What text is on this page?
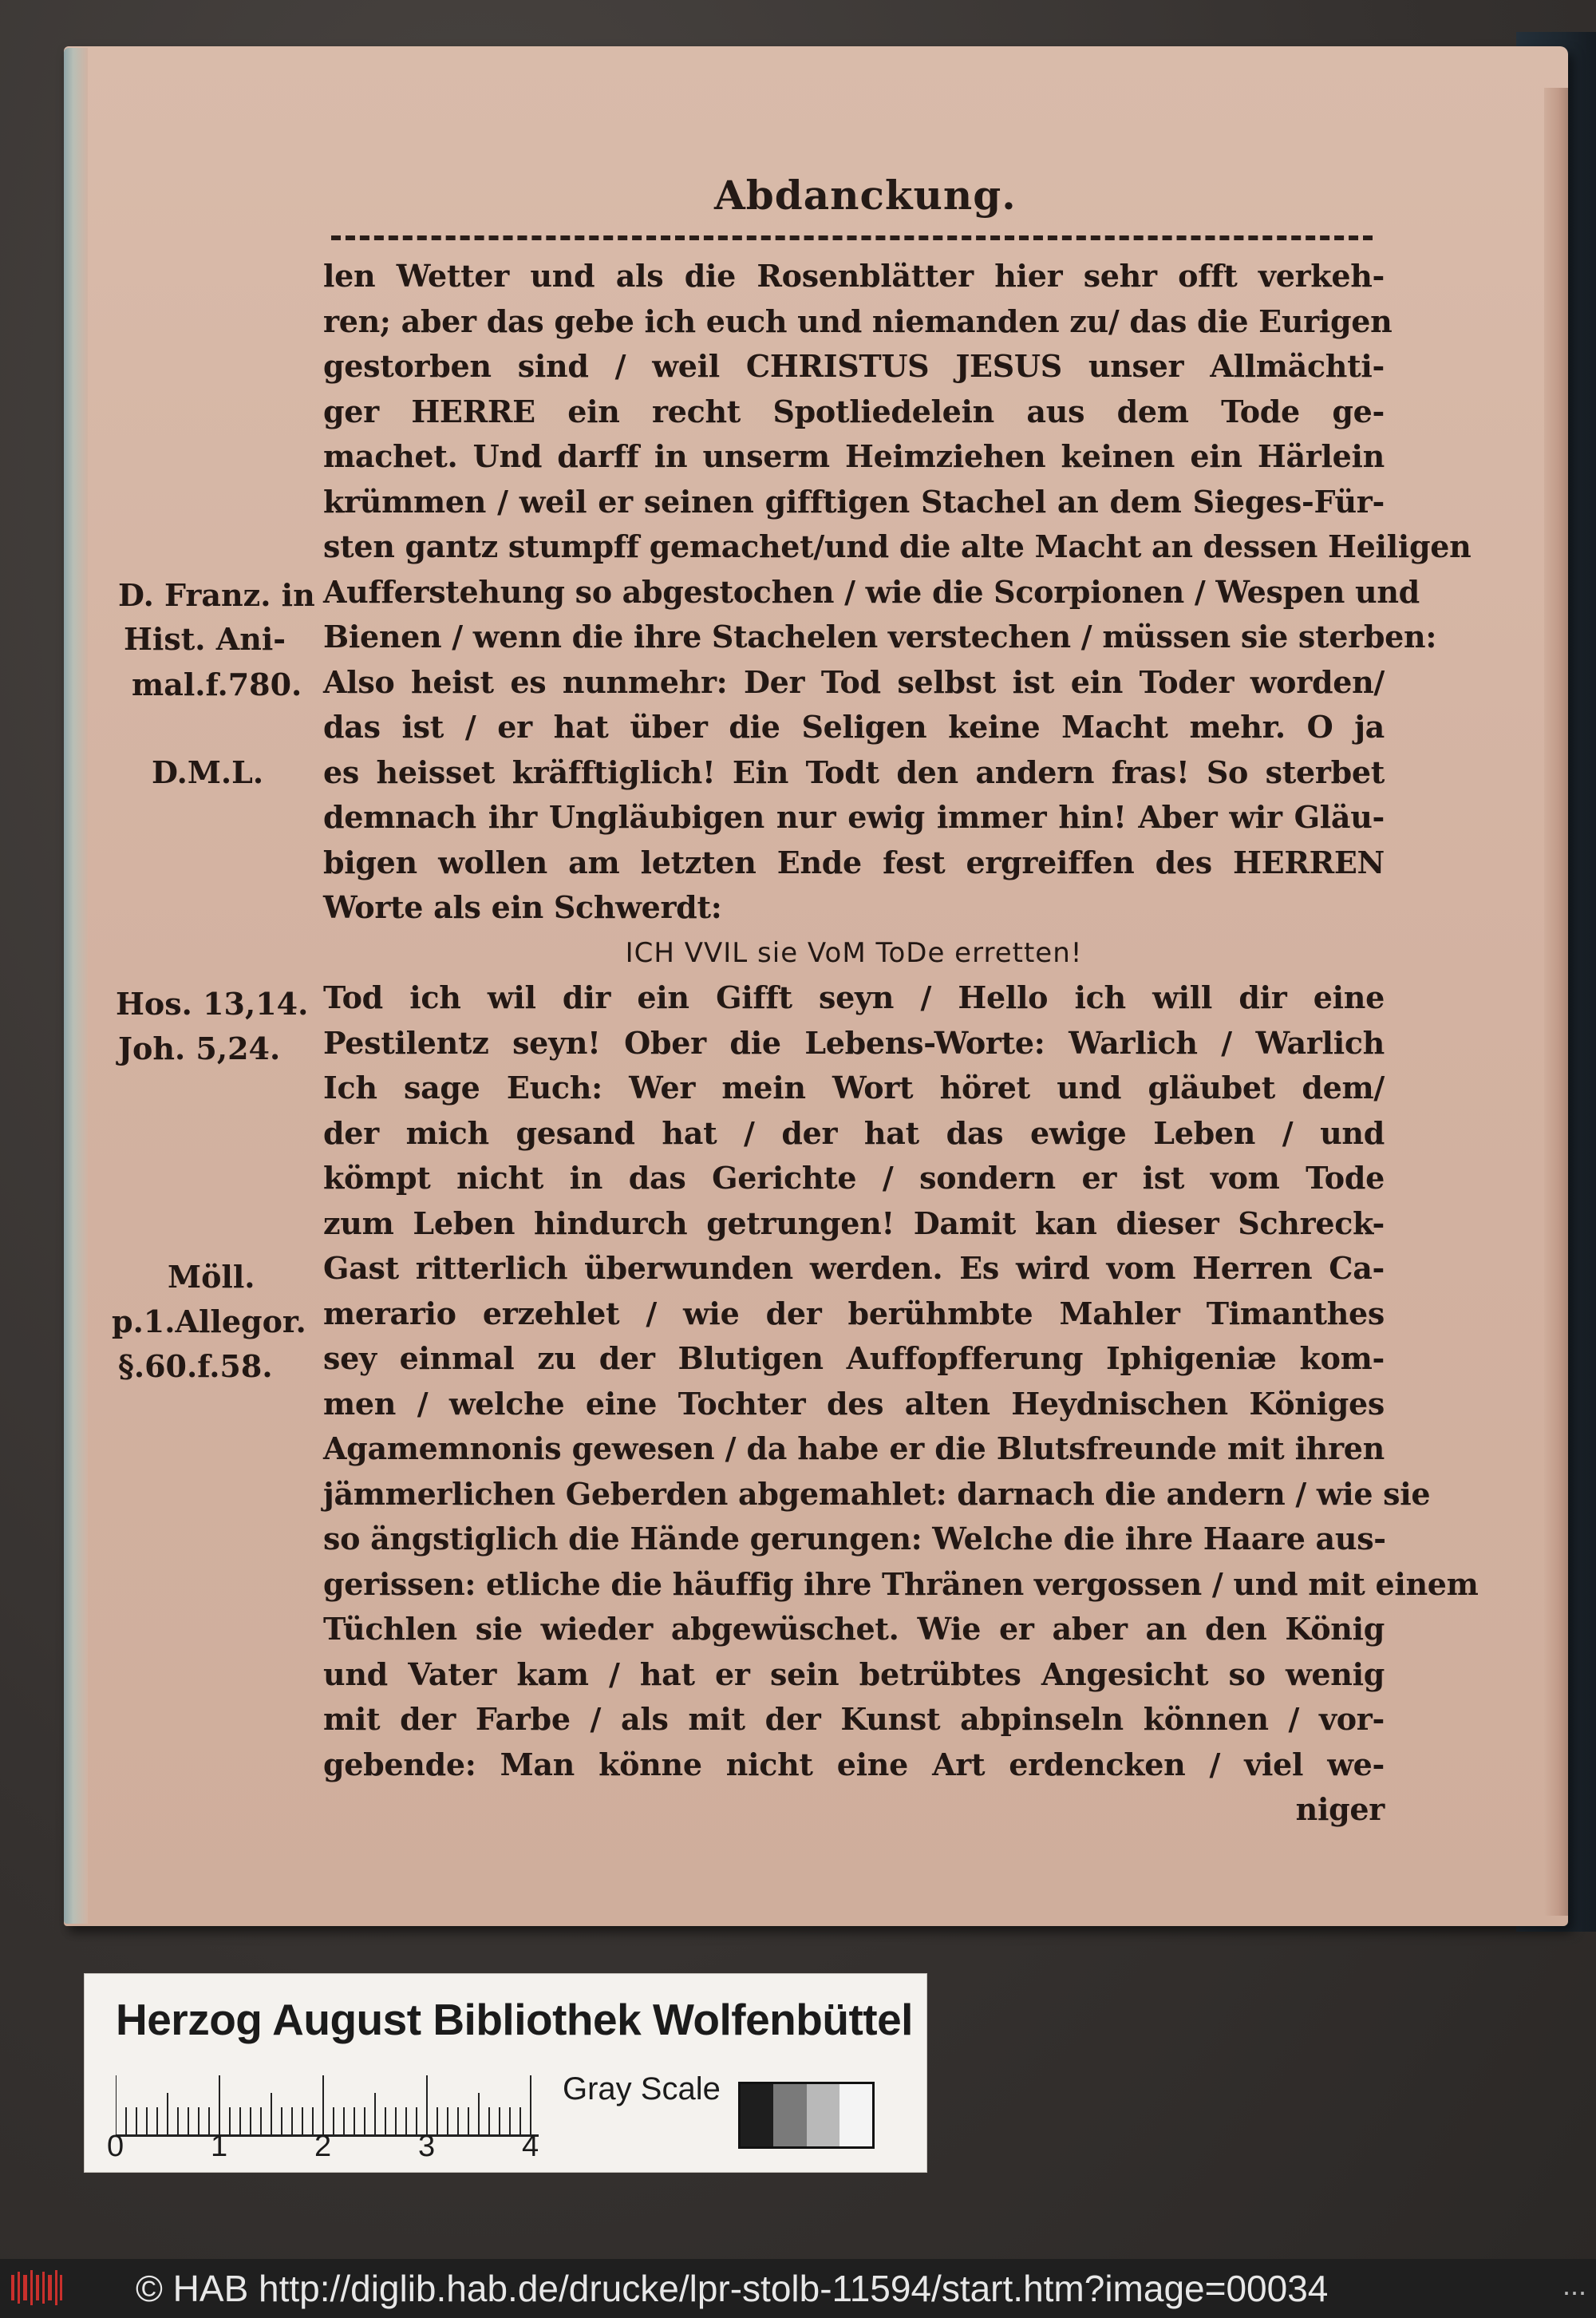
Abdanckung.
len Wetter und als die Rosenblätter hier sehr offt verkeh-
ren; aber das gebe ich euch und niemanden zu/ das die Eurigen
gestorben sind / weil CHRISTUS JESUS unser Allmächti-
ger HERRE ein recht Spotliedelein aus dem Tode ge-
machet. Und darff in unserm Heimziehen keinen ein Härlein
krümmen / weil er seinen gifftigen Stachel an dem Sieges-Für-
sten gantz stumpff gemachet/und die alte Macht an dessen Heiligen
Aufferstehung so abgestochen / wie die Scorpionen / Wespen und
Bienen / wenn die ihre Stachelen verstechen / müssen sie sterben:
Also heist es nunmehr: Der Tod selbst ist ein Toder worden/
das ist / er hat über die Seligen keine Macht mehr. O ja
es heisset kräfftiglich! Ein Todt den andern fras! So sterbet
demnach ihr Ungläubigen nur ewig immer hin! Aber wir Gläu-
bigen wollen am letzten Ende fest ergreiffen des HERREN
Worte als ein Schwerdt:
ICH VVIL sie VoM ToDe erretten!
Tod ich wil dir ein Gifft seyn / Hello ich will dir eine
Pestilentz seyn! Ober die Lebens-Worte: Warlich / Warlich
Ich sage Euch: Wer mein Wort höret und gläubet dem/
der mich gesand hat / der hat das ewige Leben / und
kömpt nicht in das Gerichte / sondern er ist vom Tode
zum Leben hindurch getrungen! Damit kan dieser Schreck-
Gast ritterlich überwunden werden. Es wird vom Herren Ca-
merario erzehlet / wie der berühmbte Mahler Timanthes
sey einmal zu der Blutigen Auffopfferung Iphigeniæ kom-
men / welche eine Tochter des alten Heydnischen Königes
Agamemnonis gewesen / da habe er die Blutsfreunde mit ihren
jämmerlichen Geberden abgemahlet: darnach die andern / wie sie
so ängstiglich die Hände gerungen: Welche die ihre Haare aus-
gerissen: etliche die häuffig ihre Thränen vergossen / und mit einem
Tüchlen sie wieder abgewüschet. Wie er aber an den König
und Vater kam / hat er sein betrübtes Angesicht so wenig
mit der Farbe / als mit der Kunst abpinseln können / vor-
gebende: Man könne nicht eine Art erdencken / viel we-
niger
D. Franz. in
Hist. Ani-
mal.f.780.
D.M.L.
Hos. 13,14.
Joh. 5,24.
Möll.
p.1.Allegor.
§.60.f.58.
Herzog August Bibliothek Wolfenbüttel
0	1	2	3	4
Gray Scale
© HAB http://diglib.hab.de/drucke/lpr-stolb-11594/start.htm?image=00034	...
